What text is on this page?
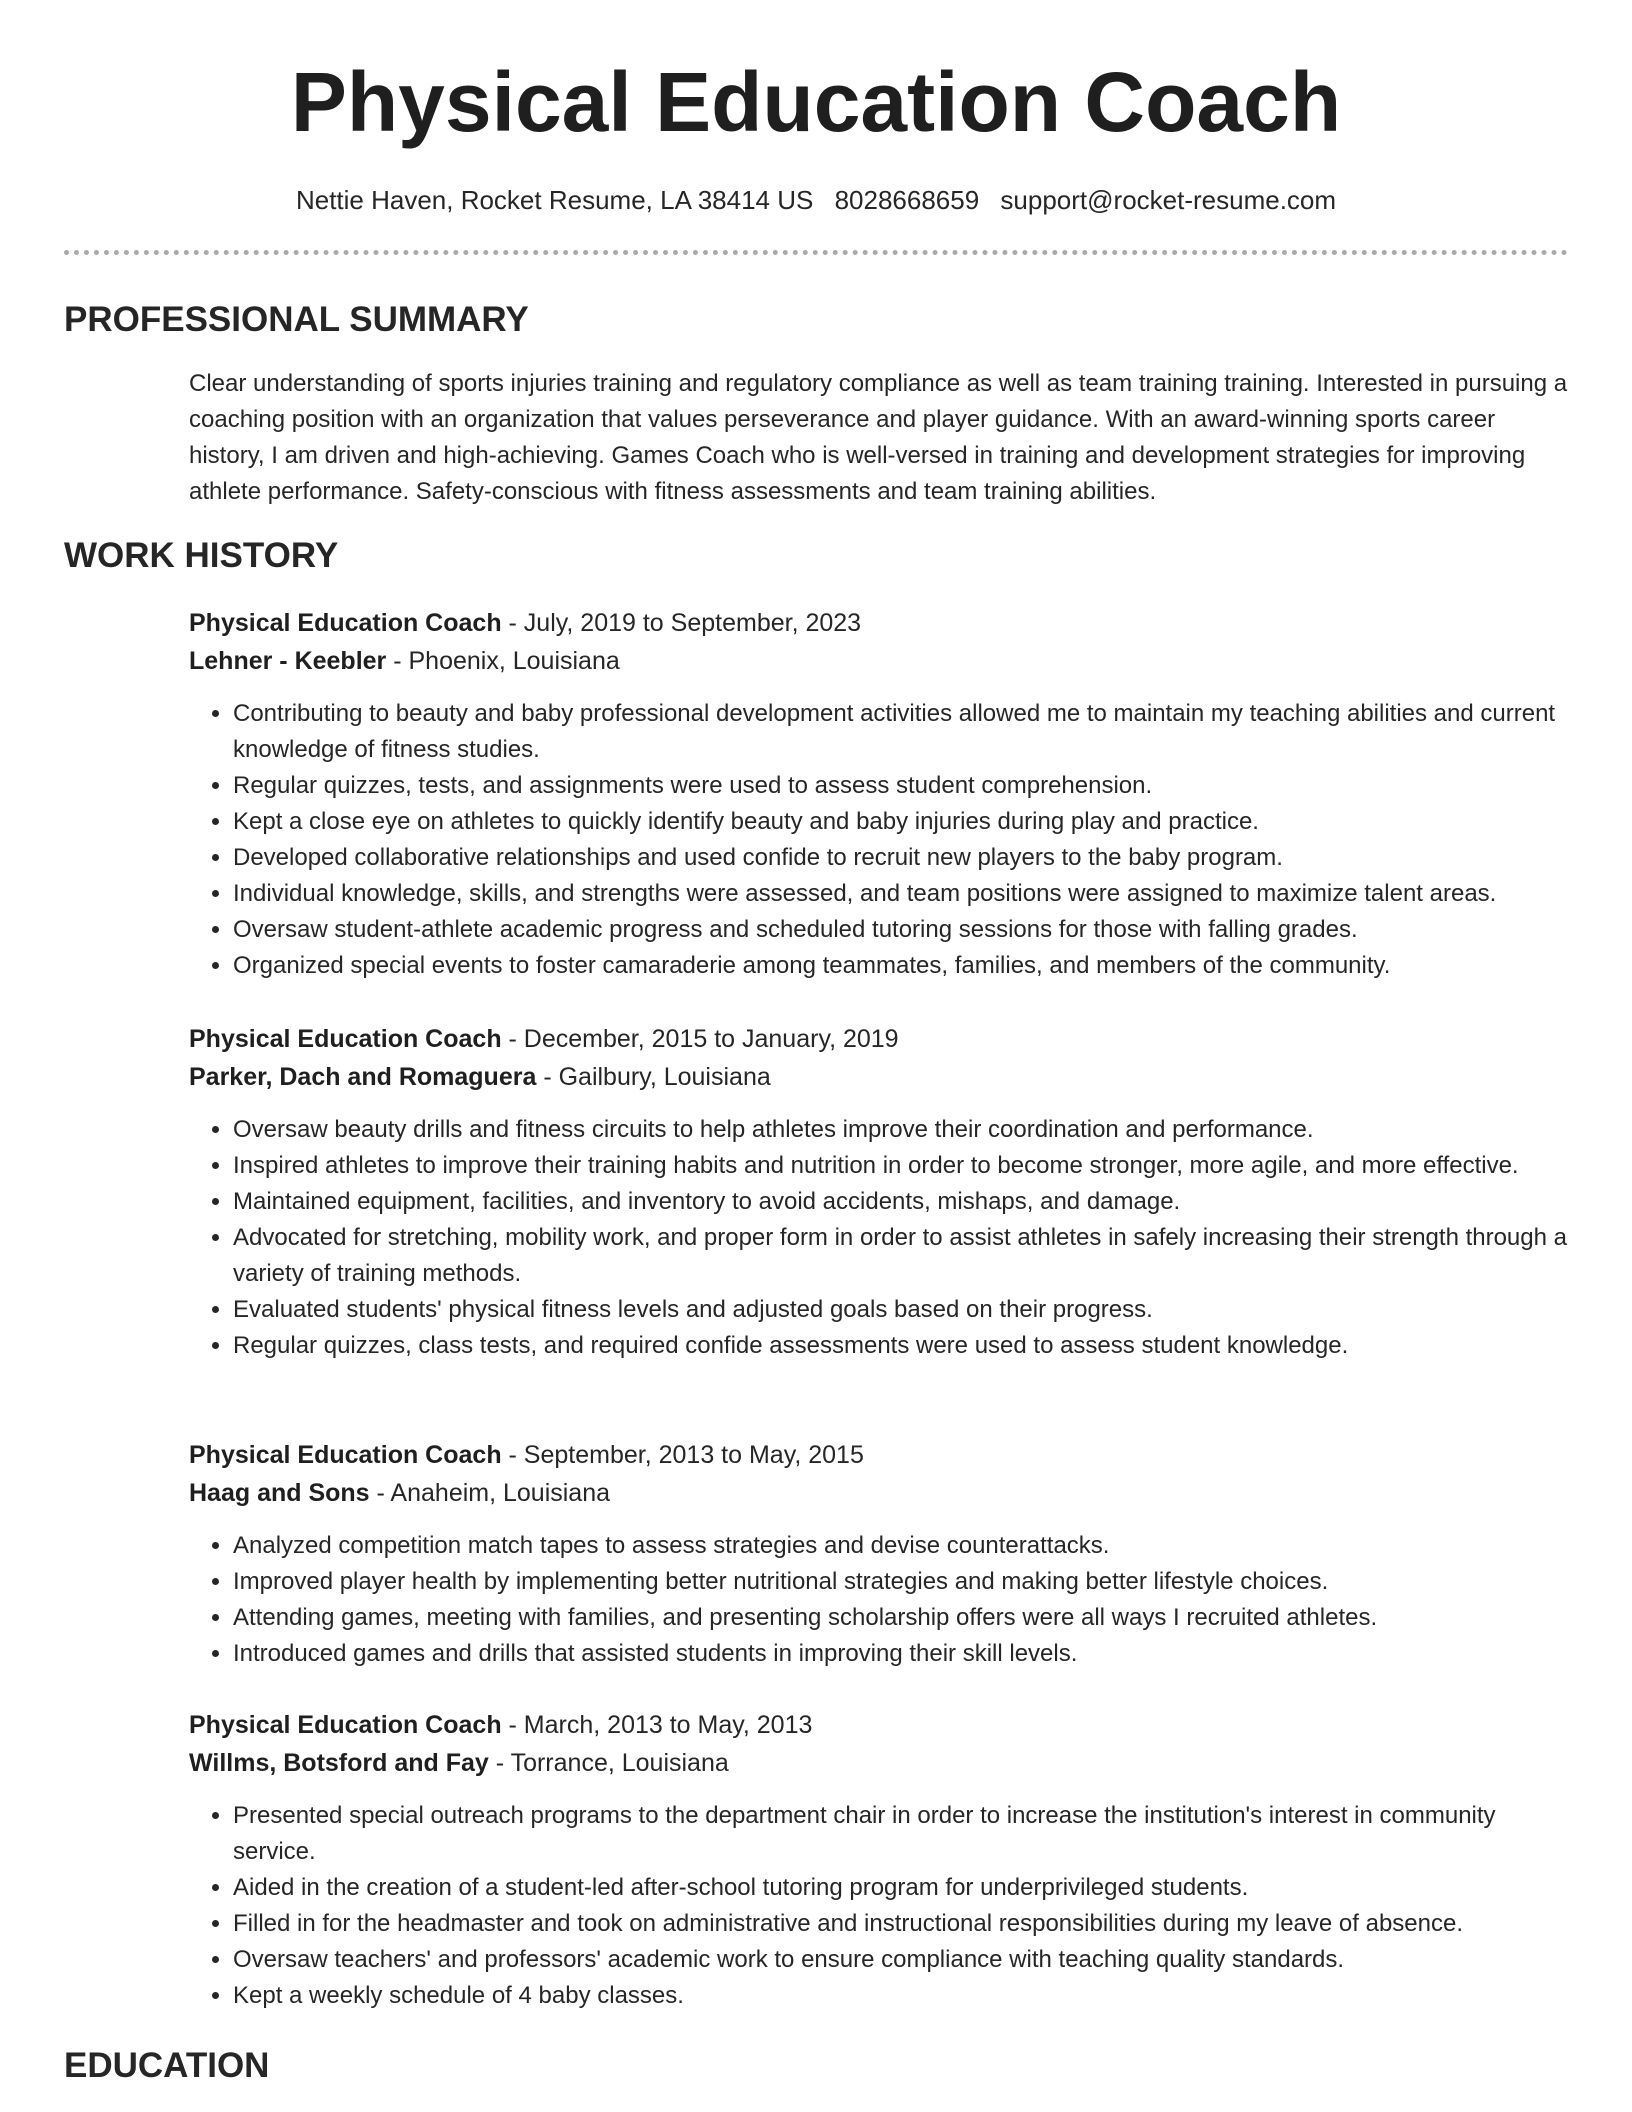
Physical Education Coach
Nettie Haven, Rocket Resume, LA 38414 US 8028668659 support@rocket-resume.com
PROFESSIONAL SUMMARY

Clear understanding of sports injuries training and regulatory compliance as well as team training training. Interested in pursuing a coaching position with an organization that values perseverance and player guidance. With an award-winning sports career history, I am driven and high-achieving. Games Coach who is well-versed in training and development strategies for improving athlete performance. Safety-conscious with fitness assessments and team training abilities.

WORK HISTORY
Physical Education Coach - July, 2019 to September, 2023
Lehner - Keebler - Phoenix, Louisiana
• Contributing to beauty and baby professional development activities allowed me to maintain my teaching abilities and current knowledge of fitness studies.
• Regular quizzes, tests, and assignments were used to assess student comprehension.
• Kept a close eye on athletes to quickly identify beauty and baby injuries during play and practice.
• Developed collaborative relationships and used confide to recruit new players to the baby program.
• Individual knowledge, skills, and strengths were assessed, and team positions were assigned to maximize talent areas.
• Oversaw student-athlete academic progress and scheduled tutoring sessions for those with falling grades.
• Organized special events to foster camaraderie among teammates, families, and members of the community.
Physical Education Coach - December, 2015 to January, 2019
Parker, Dach and Romaguera - Gailbury, Louisiana
• Oversaw beauty drills and fitness circuits to help athletes improve their coordination and performance.
• Inspired athletes to improve their training habits and nutrition in order to become stronger, more agile, and more effective.
• Maintained equipment, facilities, and inventory to avoid accidents, mishaps, and damage.
• Advocated for stretching, mobility work, and proper form in order to assist athletes in safely increasing their strength through a variety of training methods.
• Evaluated students' physical fitness levels and adjusted goals based on their progress.
• Regular quizzes, class tests, and required confide assessments were used to assess student knowledge.
Physical Education Coach - September, 2013 to May, 2015
Haag and Sons - Anaheim, Louisiana
• Analyzed competition match tapes to assess strategies and devise counterattacks.
• Improved player health by implementing better nutritional strategies and making better lifestyle choices.
• Attending games, meeting with families, and presenting scholarship offers were all ways I recruited athletes.
• Introduced games and drills that assisted students in improving their skill levels.
Physical Education Coach - March, 2013 to May, 2013
Willms, Botsford and Fay - Torrance, Louisiana
• Presented special outreach programs to the department chair in order to increase the institution's interest in community service.
• Aided in the creation of a student-led after-school tutoring program for underprivileged students.
• Filled in for the headmaster and took on administrative and instructional responsibilities during my leave of absence.
• Oversaw teachers' and professors' academic work to ensure compliance with teaching quality standards.
• Kept a weekly schedule of 4 baby classes.
EDUCATION
